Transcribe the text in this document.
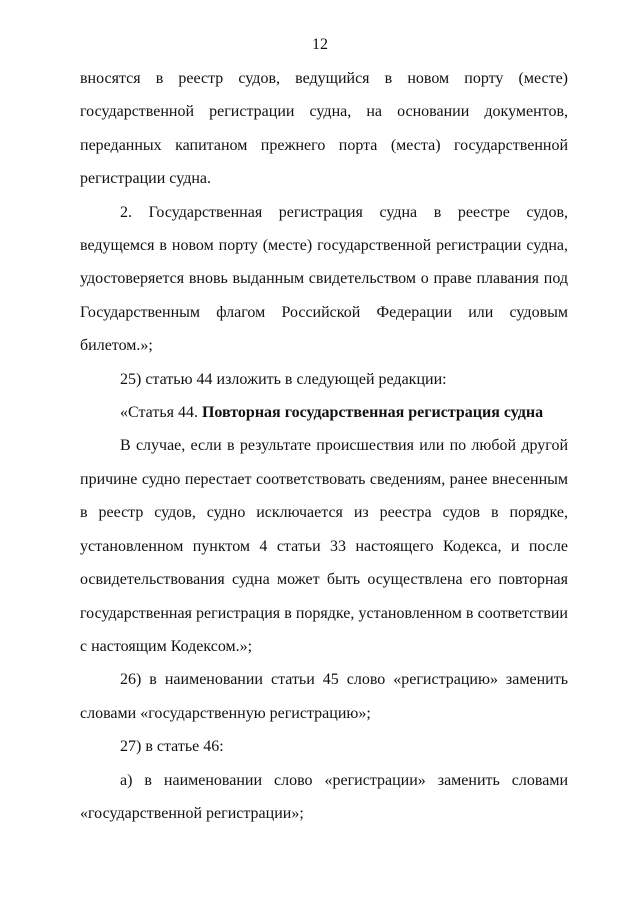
12

вносятся в реестр судов, ведущийся в новом порту (месте) государственной регистрации судна, на основании документов, переданных капитаном прежнего порта (места) государственной регистрации судна.

2. Государственная регистрация судна в реестре судов, ведущемся в новом порту (месте) государственной регистрации судна, удостоверяется вновь выданным свидетельством о праве плавания под Государственным флагом Российской Федерации или судовым билетом.»;

25) статью 44 изложить в следующей редакции:

«Статья 44. Повторная государственная регистрация судна

В случае, если в результате происшествия или по любой другой причине судно перестает соответствовать сведениям, ранее внесенным в реестр судов, судно исключается из реестра судов в порядке, установленном пунктом 4 статьи 33 настоящего Кодекса, и после освидетельствования судна может быть осуществлена его повторная государственная регистрация в порядке, установленном в соответствии с настоящим Кодексом.»;

26) в наименовании статьи 45 слово «регистрацию» заменить словами «государственную регистрацию»;

27) в статье 46:

а) в наименовании слово «регистрации» заменить словами «государственной регистрации»;
